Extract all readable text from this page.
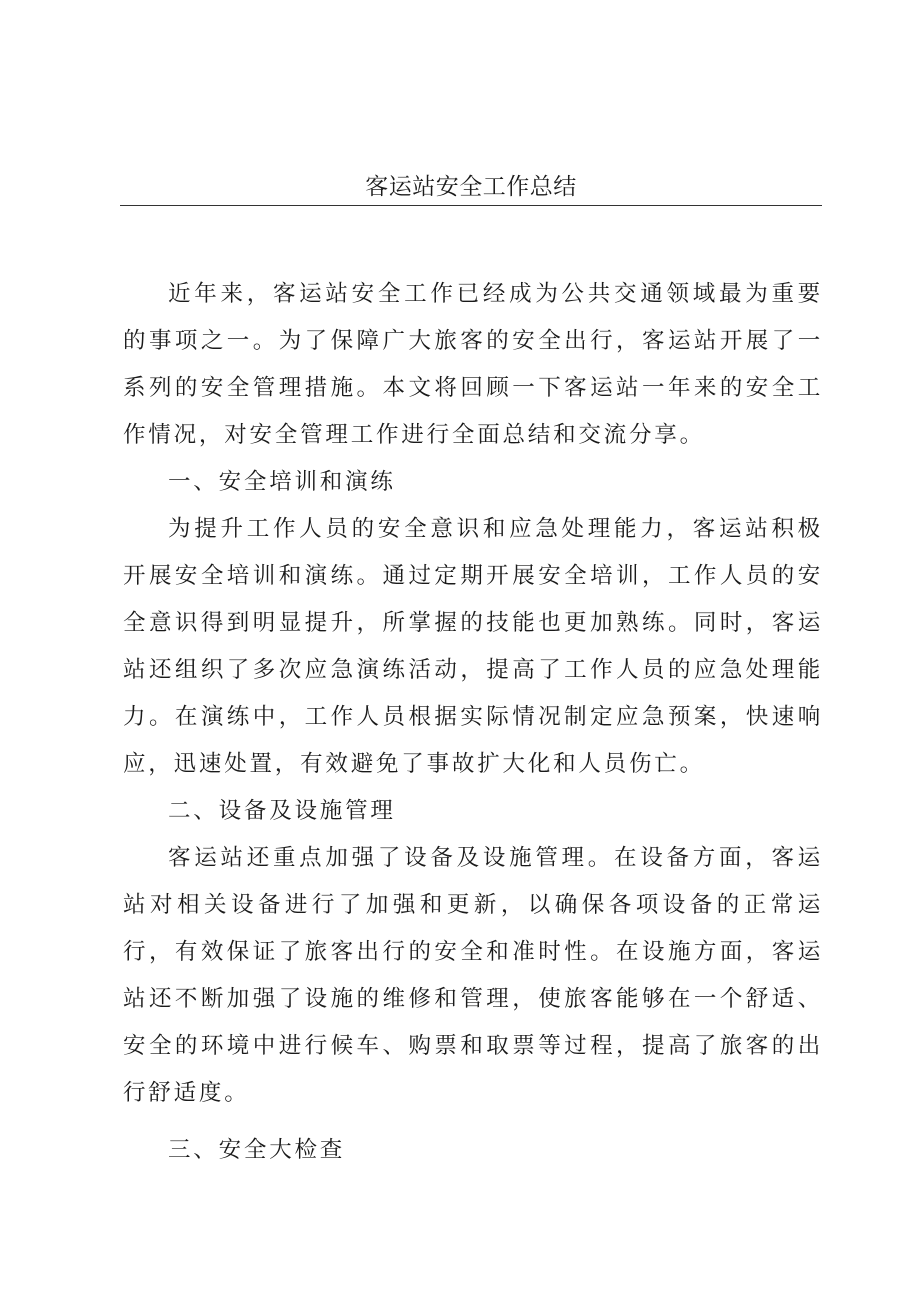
客运站安全工作总结

近年来，客运站安全工作已经成为公共交通领域最为重要的事项之一。为了保障广大旅客的安全出行，客运站开展了一系列的安全管理措施。本文将回顾一下客运站一年来的安全工作情况，对安全管理工作进行全面总结和交流分享。

一、安全培训和演练

为提升工作人员的安全意识和应急处理能力，客运站积极开展安全培训和演练。通过定期开展安全培训，工作人员的安全意识得到明显提升，所掌握的技能也更加熟练。同时，客运站还组织了多次应急演练活动，提高了工作人员的应急处理能力。在演练中，工作人员根据实际情况制定应急预案，快速响应，迅速处置，有效避免了事故扩大化和人员伤亡。

二、设备及设施管理

客运站还重点加强了设备及设施管理。在设备方面，客运站对相关设备进行了加强和更新，以确保各项设备的正常运行，有效保证了旅客出行的安全和准时性。在设施方面，客运站还不断加强了设施的维修和管理，使旅客能够在一个舒适、安全的环境中进行候车、购票和取票等过程，提高了旅客的出行舒适度。

三、安全大检查
